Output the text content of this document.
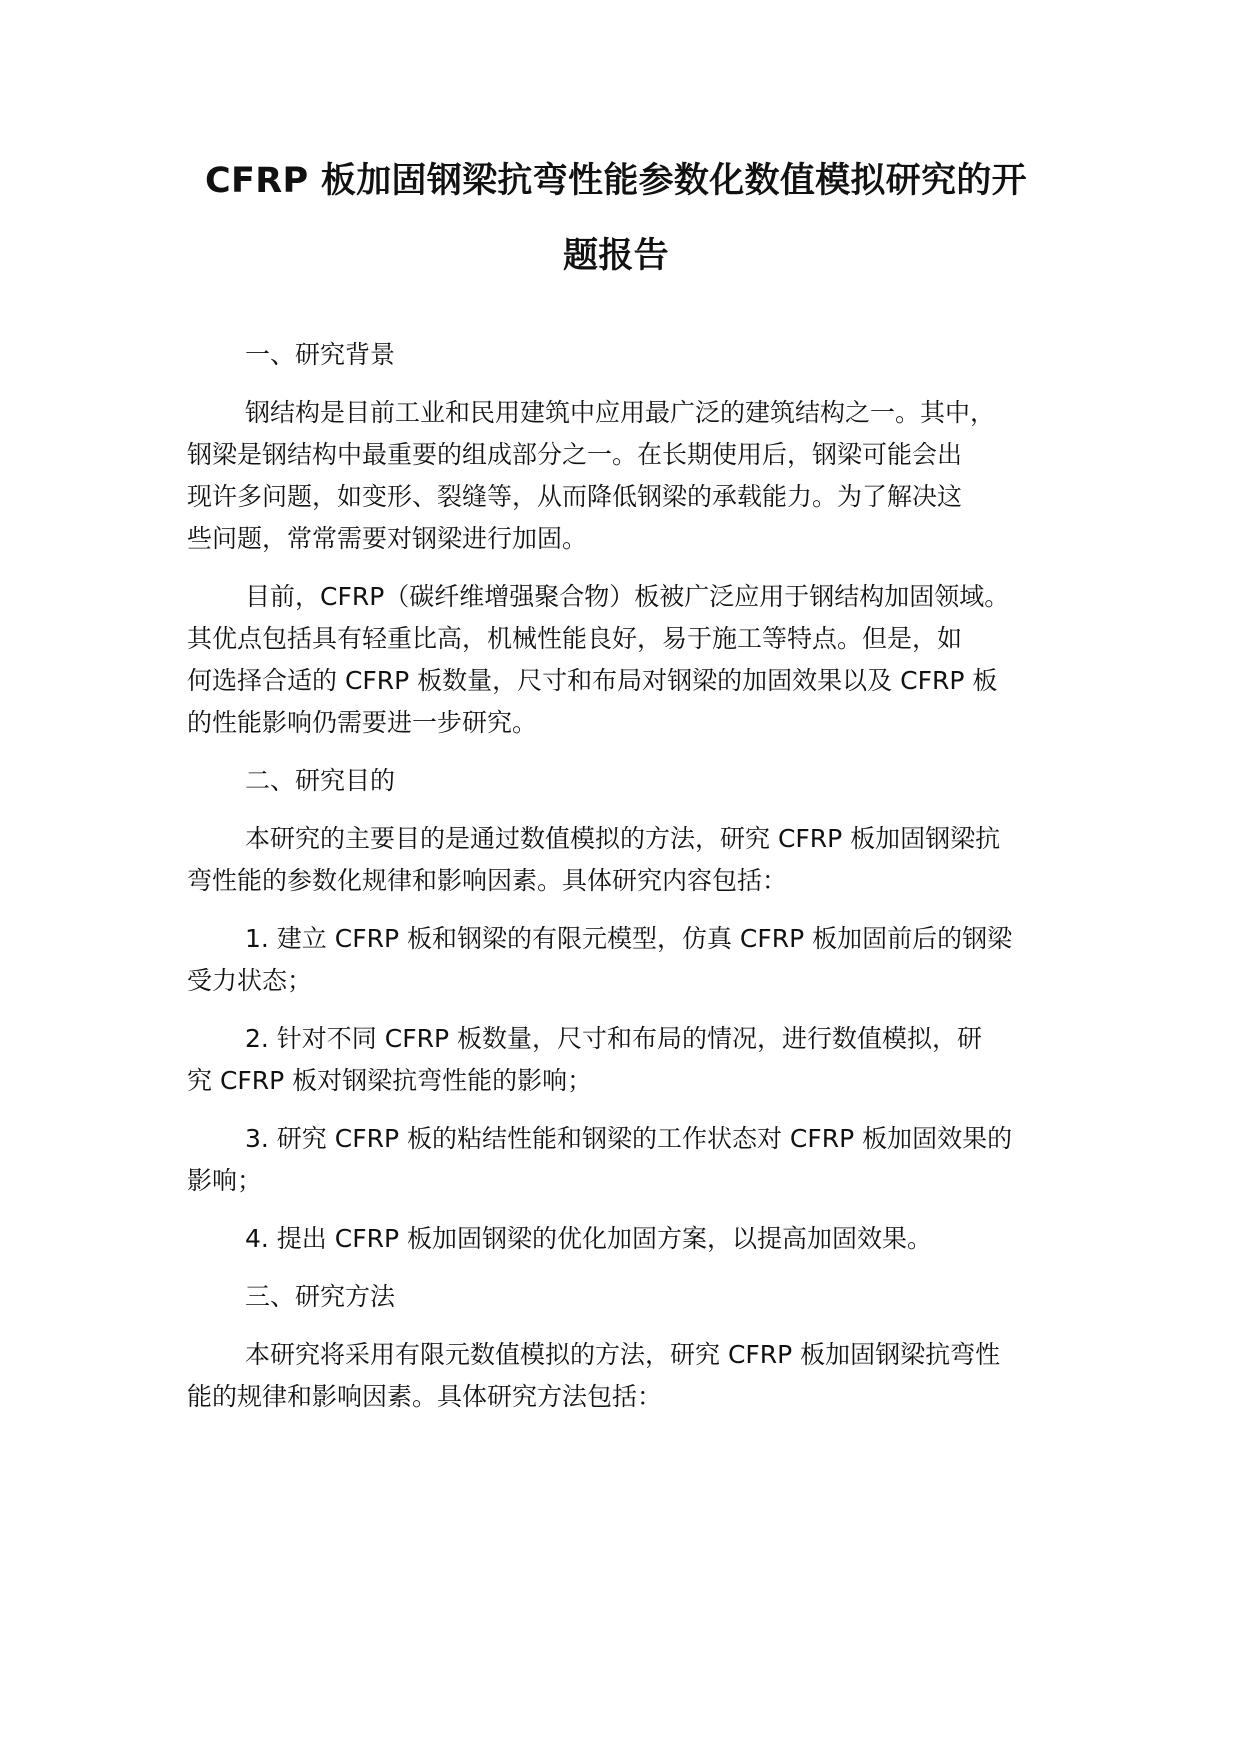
CFRP 板加固钢梁抗弯性能参数化数值模拟研究的开
题报告

一、研究背景

钢结构是目前工业和民用建筑中应用最广泛的建筑结构之一。其中，

钢梁是钢结构中最重要的组成部分之一。在长期使用后，钢梁可能会出

现许多问题，如变形、裂缝等，从而降低钢梁的承载能力。为了解决这

些问题，常常需要对钢梁进行加固。

目前，CFRP（碳纤维增强聚合物）板被广泛应用于钢结构加固领域。

其优点包括具有轻重比高，机械性能良好，易于施工等特点。但是，如

何选择合适的 CFRP 板数量，尺寸和布局对钢梁的加固效果以及 CFRP 板

的性能影响仍需要进一步研究。

二、研究目的

本研究的主要目的是通过数值模拟的方法，研究 CFRP 板加固钢梁抗

弯性能的参数化规律和影响因素。具体研究内容包括：

1. 建立 CFRP 板和钢梁的有限元模型，仿真 CFRP 板加固前后的钢梁

受力状态；

2. 针对不同 CFRP 板数量，尺寸和布局的情况，进行数值模拟，研

究 CFRP 板对钢梁抗弯性能的影响；

3. 研究 CFRP 板的粘结性能和钢梁的工作状态对 CFRP 板加固效果的

影响；

4. 提出 CFRP 板加固钢梁的优化加固方案，以提高加固效果。

三、研究方法

本研究将采用有限元数值模拟的方法，研究 CFRP 板加固钢梁抗弯性

能的规律和影响因素。具体研究方法包括：
